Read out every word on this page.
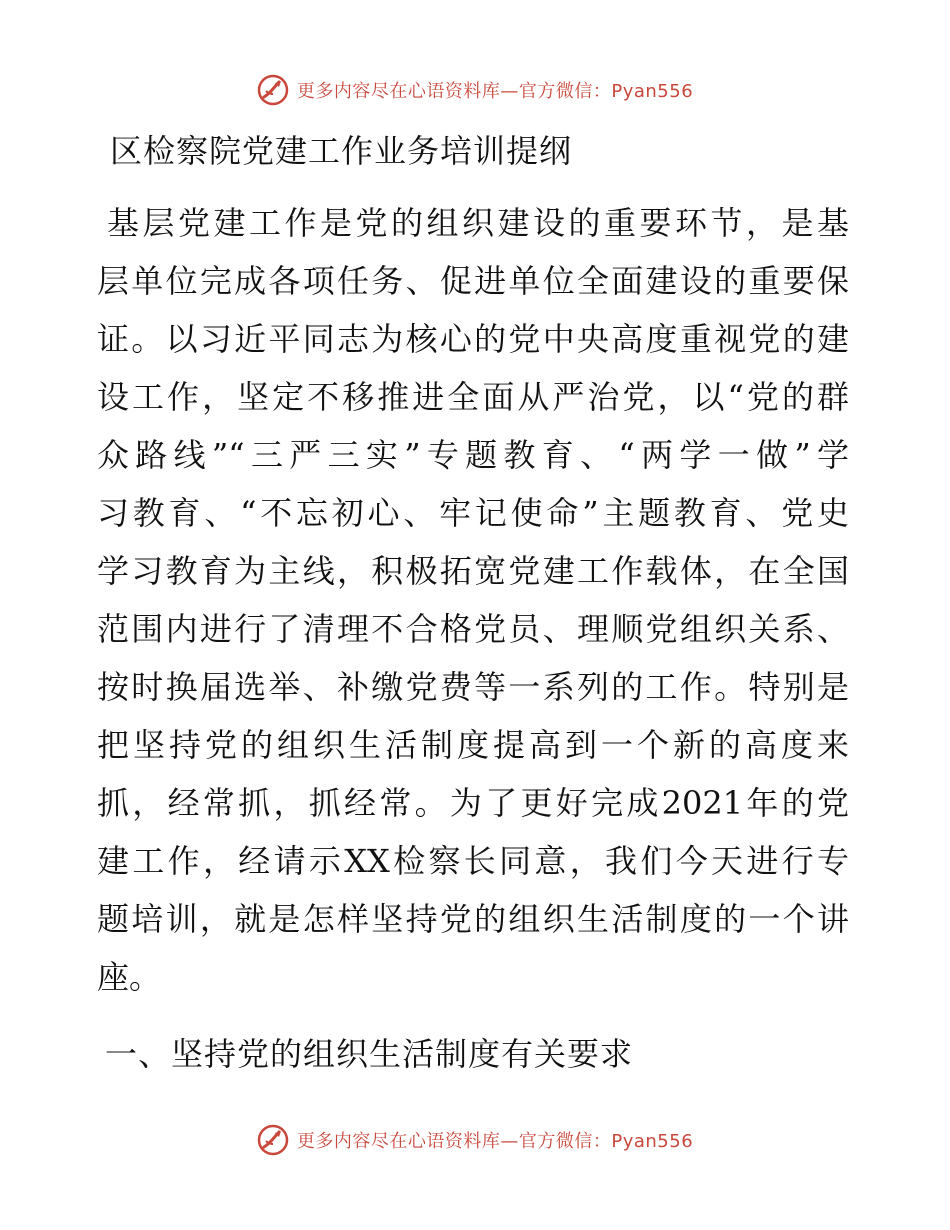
更多内容尽在心语资料库—官方微信：Pyan556
区检察院党建工作业务培训提纲
基层党建工作是党的组织建设的重要环节，是基
层单位完成各项任务、促进单位全面建设的重要保
证。以习近平同志为核心的党中央高度重视党的建
设工作，坚定不移推进全面从严治党，以“党的群
众路线”“三严三实”专题教育、“两学一做”学
习教育、“不忘初心、牢记使命”主题教育、党史
学习教育为主线，积极拓宽党建工作载体，在全国
范围内进行了清理不合格党员、理顺党组织关系、
按时换届选举、补缴党费等一系列的工作。特别是
把坚持党的组织生活制度提高到一个新的高度来
抓，经常抓，抓经常。为了更好完成2021年的党
建工作，经请示XX检察长同意，我们今天进行专
题培训，就是怎样坚持党的组织生活制度的一个讲
座。
一、坚持党的组织生活制度有关要求
更多内容尽在心语资料库—官方微信：Pyan556
